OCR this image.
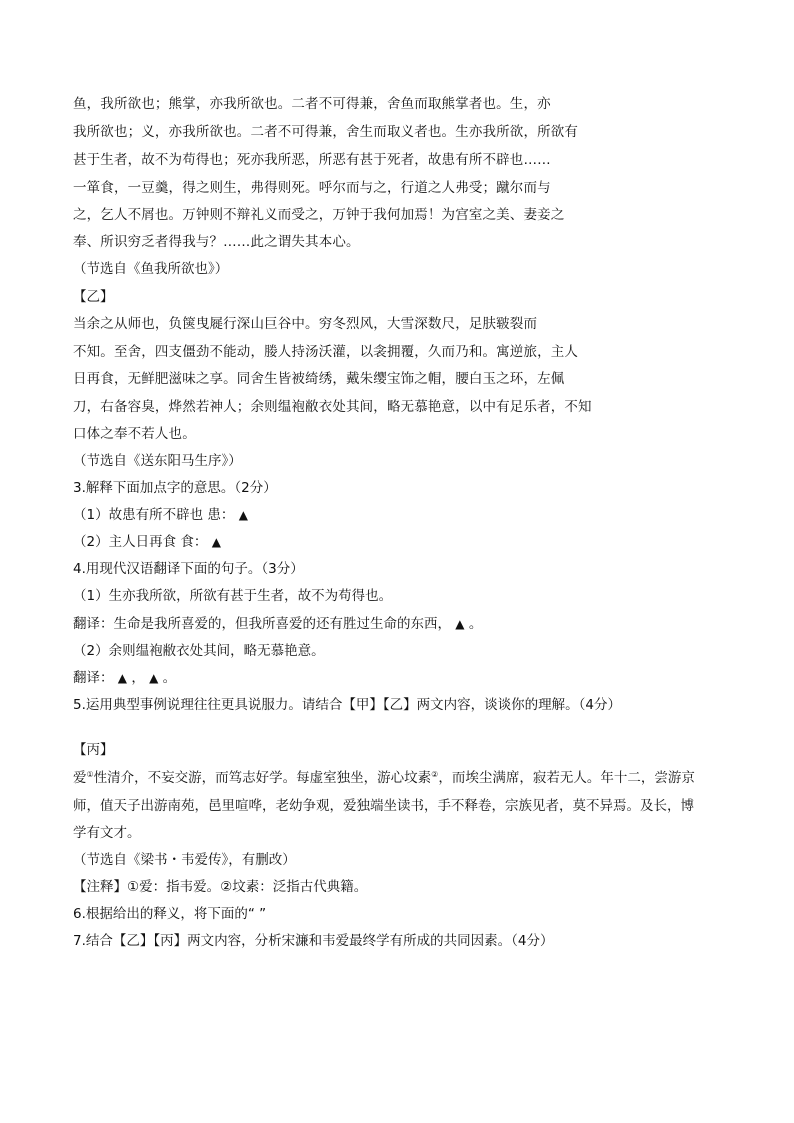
鱼，我所欲也；熊掌，亦我所欲也。二者不可得兼，舍鱼而取熊掌者也。生，亦
我所欲也；义，亦我所欲也。二者不可得兼，舍生而取义者也。生亦我所欲，所欲有
甚于生者，故不为苟得也；死亦我所恶，所恶有甚于死者，故患有所不辟也……
一箪食，一豆羹，得之则生，弗得则死。呼尔而与之，行道之人弗受；蹴尔而与
之，乞人不屑也。万钟则不辩礼义而受之，万钟于我何加焉！为宫室之美、妻妾之
奉、所识穷乏者得我与？……此之谓失其本心。
（节选自《鱼我所欲也》）
【乙】
当余之从师也，负箧曳屣行深山巨谷中。穷冬烈风，大雪深数尺，足肤皲裂而
不知。至舍，四支僵劲不能动，媵人持汤沃灌，以衾拥覆，久而乃和。寓逆旅，主人
日再食，无鲜肥滋味之享。同舍生皆被绮绣，戴朱缨宝饰之帽，腰白玉之环，左佩
刀，右备容臭，烨然若神人；余则缊袍敝衣处其间，略无慕艳意，以中有足乐者，不知
口体之奉不若人也。
（节选自《送东阳马生序》）
3.解释下面加点字的意思。（2分）
（1）故患有所不辟也 患： ▲
（2）主人日再食 食： ▲
4.用现代汉语翻译下面的句子。（3分）
（1）生亦我所欲，所欲有甚于生者，故不为苟得也。
翻译：生命是我所喜爱的，但我所喜爱的还有胜过生命的东西， ▲ 。
（2）余则缊袍敝衣处其间，略无慕艳意。
翻译： ▲ ， ▲ 。
5.运用典型事例说理往往更具说服力。请结合【甲】【乙】两文内容，谈谈你的理解。（4分）
【丙】
爱①性清介，不妄交游，而笃志好学。每虚室独坐，游心坟素②，而埃尘满席，寂若无人。年十二，尝游京
师，值天子出游南苑，邑里喧哗，老幼争观，爱独端坐读书，手不释卷，宗族见者，莫不异焉。及长，博
学有文才。
（节选自《梁书・韦爱传》，有删改）
【注释】①爱：指韦爱。②坟素：泛指古代典籍。
6.根据给出的释义，将下面的“ ”
7.结合【乙】【丙】两文内容，分析宋濂和韦爱最终学有所成的共同因素。（4分）
